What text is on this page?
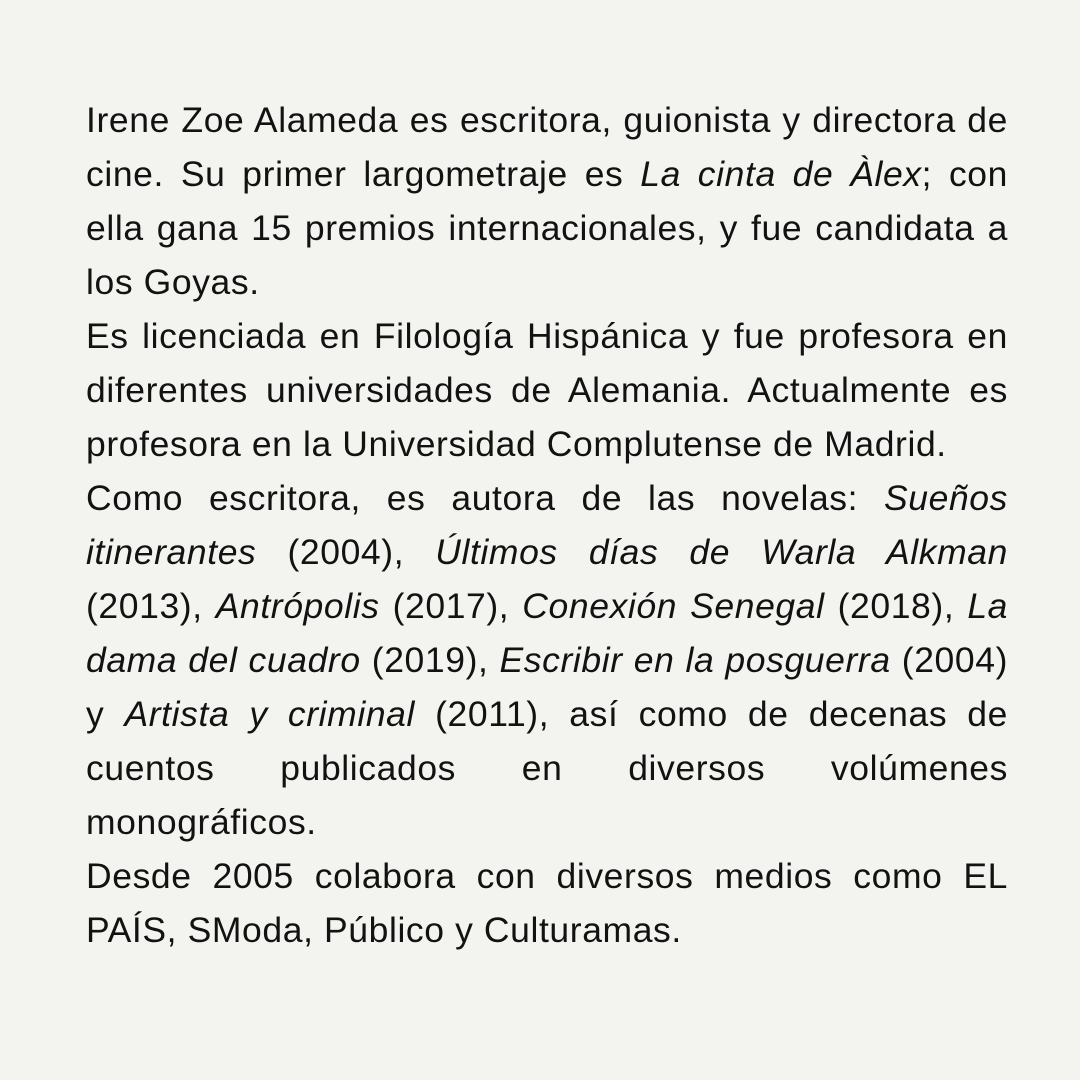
Irene Zoe Alameda es escritora, guionista y directora de cine. Su primer largometraje es La cinta de Àlex; con ella gana 15 premios internacionales, y fue candidata a los Goyas.

Es licenciada en Filología Hispánica y fue profesora en diferentes universidades de Alemania. Actualmente es profesora en la Universidad Complutense de Madrid.

Como escritora, es autora de las novelas: Sueños itinerantes (2004), Últimos días de Warla Alkman (2013), Antrópolis (2017), Conexión Senegal (2018), La dama del cuadro (2019), Escribir en la posguerra (2004) y Artista y criminal (2011), así como de decenas de cuentos publicados en diversos volúmenes monográficos.

Desde 2005 colabora con diversos medios como EL PAÍS, SModa, Público y Culturamas.
